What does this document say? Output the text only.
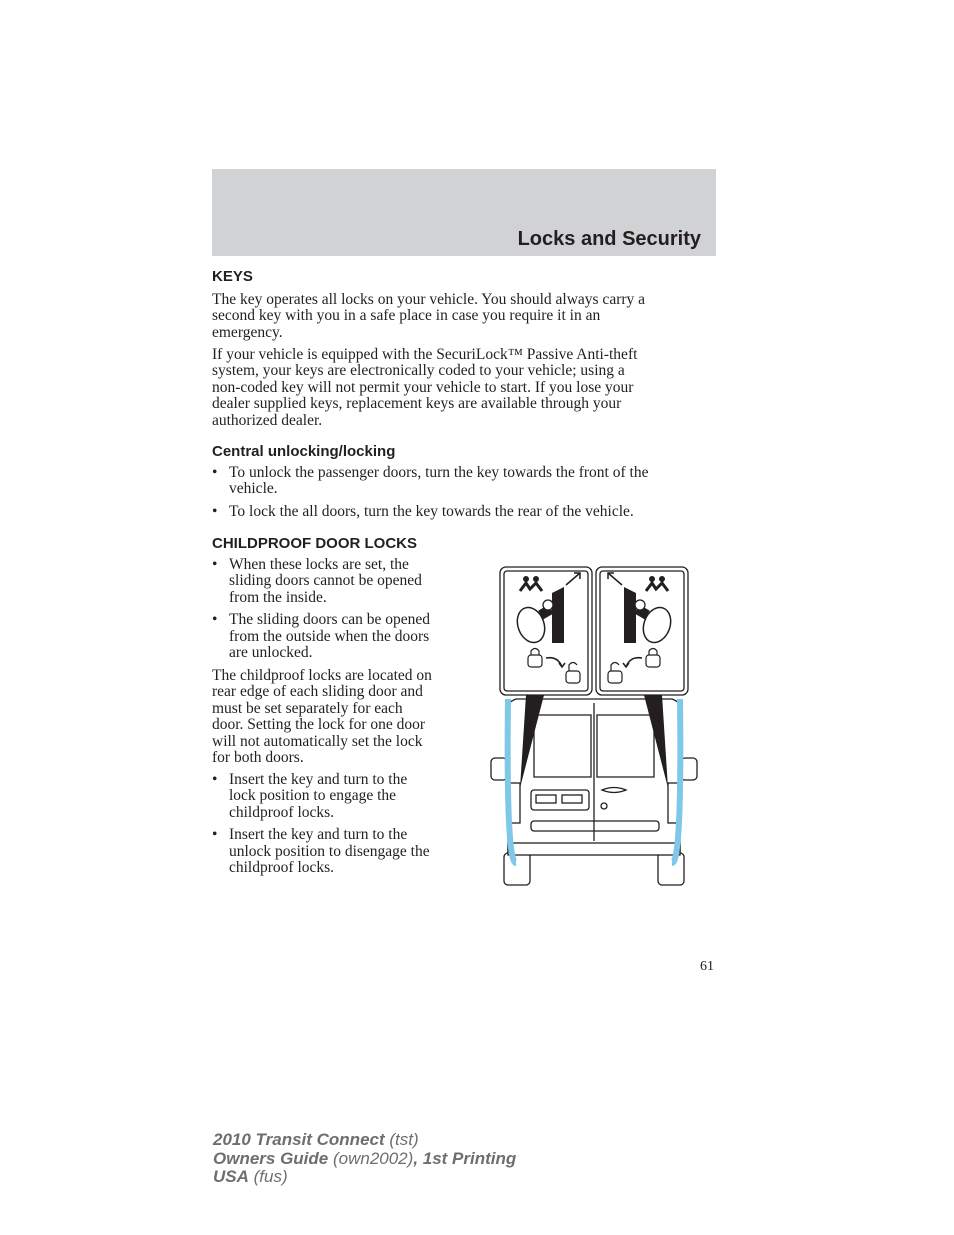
Locks and Security
KEYS

The key operates all locks on your vehicle. You should always carry a
second key with you in a safe place in case you require it in an
emergency.

If your vehicle is equipped with the SecuriLock™ Passive Anti-theft
system, your keys are electronically coded to your vehicle; using a
non-coded key will not permit your vehicle to start. If you lose your
dealer supplied keys, replacement keys are available through your
authorized dealer.

Central unlocking/locking
• To unlock the passenger doors, turn the key towards the front of the
vehicle.
• To lock the all doors, turn the key towards the rear of the vehicle.
CHILDPROOF DOOR LOCKS
• When these locks are set, the
sliding doors cannot be opened
from the inside.
• The sliding doors can be opened
from the outside when the doors
are unlocked.

The childproof locks are located on
rear edge of each sliding door and
must be set separately for each
door. Setting the lock for one door
will not automatically set the lock
for both doors.

• Insert the key and turn to the
lock position to engage the
childproof locks.
• Insert the key and turn to the
unlock position to disengage the
childproof locks.
61
2010 Transit Connect (tst)
Owners Guide (own2002), 1st Printing
USA (fus)
